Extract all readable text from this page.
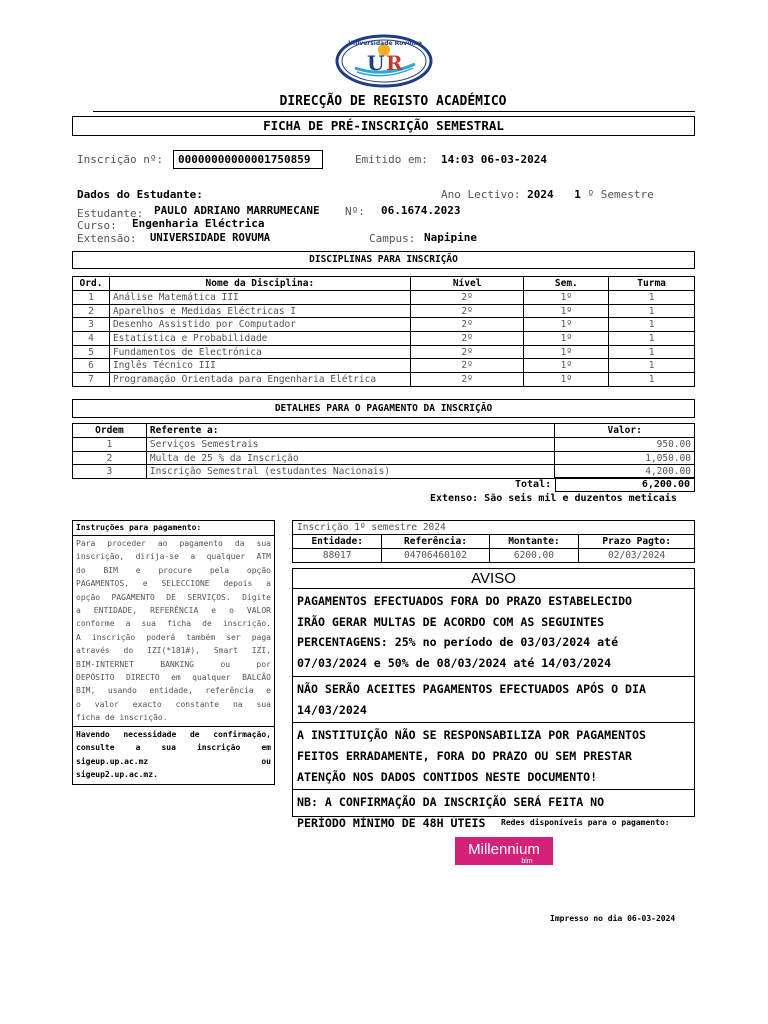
U R
Universidade Rovuma
DIRECÇÃO DE REGISTO ACADÉMICO
FICHA DE PRÉ-INSCRIÇÃO SEMESTRAL
Inscrição nº:	00000000000001750859	Emitido em: 14:03 06-03-2024
Dados do Estudante:	Ano Lectivo: 2024 1 º Semestre
Estudante: PAULO ADRIANO MARRUMECANE Nº: 06.1674.2023
Curso: Engenharia Eléctrica
Extensão: UNIVERSIDADE ROVUMA	Campus: Napipine
DISCIPLINAS PARA INSCRIÇÃO
Ord.	Nome da Disciplina:	Nível	Sem.	Turma
1	Análise Matemática III	2º	1º	1
2	Aparelhos e Medidas Eléctricas I	2º	1º	1
3	Desenho Assistido por Computador	2º	1º	1
4	Estatística e Probabilidade	2º	1º	1
5	Fundamentos de Electrónica	2º	1º	1
6	Inglês Técnico III	2º	1º	1
7	Programação Orientada para Engenharia Elétrica	2º	1º	1
DETALHES PARA O PAGAMENTO DA INSCRIÇÃO
Ordem	Referente a:	Valor:
1	Serviços Semestrais	950.00
2	Multa de 25 % da Inscrição	1,050.00
3	Inscrição Semestral (estudantes Nacionais)	4,200.00
Total:	6,200.00
Extenso: São seis mil e duzentos meticais
Instruções para pagamento:
Para proceder ao pagamento da sua
inscrição, dirija-se a qualquer ATM
do BIM e procure pela opção
PAGAMENTOS, e SELECCIONE depois a
opção PAGAMENTO DE SERVIÇOS. Digite
a ENTIDADE, REFERÊNCIA e o VALOR
conforme a sua ficha de inscrição.
A inscrição poderá também ser paga
através do IZI(*181#), Smart IZI,
BIM-INTERNET BANKING ou por
DEPÓSITO DIRECTO em qualquer BALCÃO
BIM, usando entidade, referência e
o valor exacto constante na sua
ficha de inscrição.
Havendo necessidade de confirmação,
consulte a sua inscrição em
sigeup.up.ac.mz ou
sigeup2.up.ac.mz.
Inscrição 1º semestre 2024
Entidade:	Referência:	Montante:	Prazo Pagto:
88017	04706460102	6200.00	02/03/2024
AVISO
PAGAMENTOS EFECTUADOS FORA DO PRAZO ESTABELECIDO
IRÃO GERAR MULTAS DE ACORDO COM AS SEGUINTES
PERCENTAGENS: 25% no período de 03/03/2024 até
07/03/2024 e 50% de 08/03/2024 até 14/03/2024
NÃO SERÃO ACEITES PAGAMENTOS EFECTUADOS APÓS O DIA
14/03/2024
A INSTITUIÇÃO NÃO SE RESPONSABILIZA POR PAGAMENTOS
FEITOS ERRADAMENTE, FORA DO PRAZO OU SEM PRESTAR
ATENÇÃO NOS DADOS CONTIDOS NESTE DOCUMENTO!
NB: A CONFIRMAÇÃO DA INSCRIÇÃO SERÁ FEITA NO
PERÍODO MÍNIMO DE 48H ÚTEIS	Redes disponíveis para o pagamento:
Millennium
bim
Impresso no dia 06-03-2024
